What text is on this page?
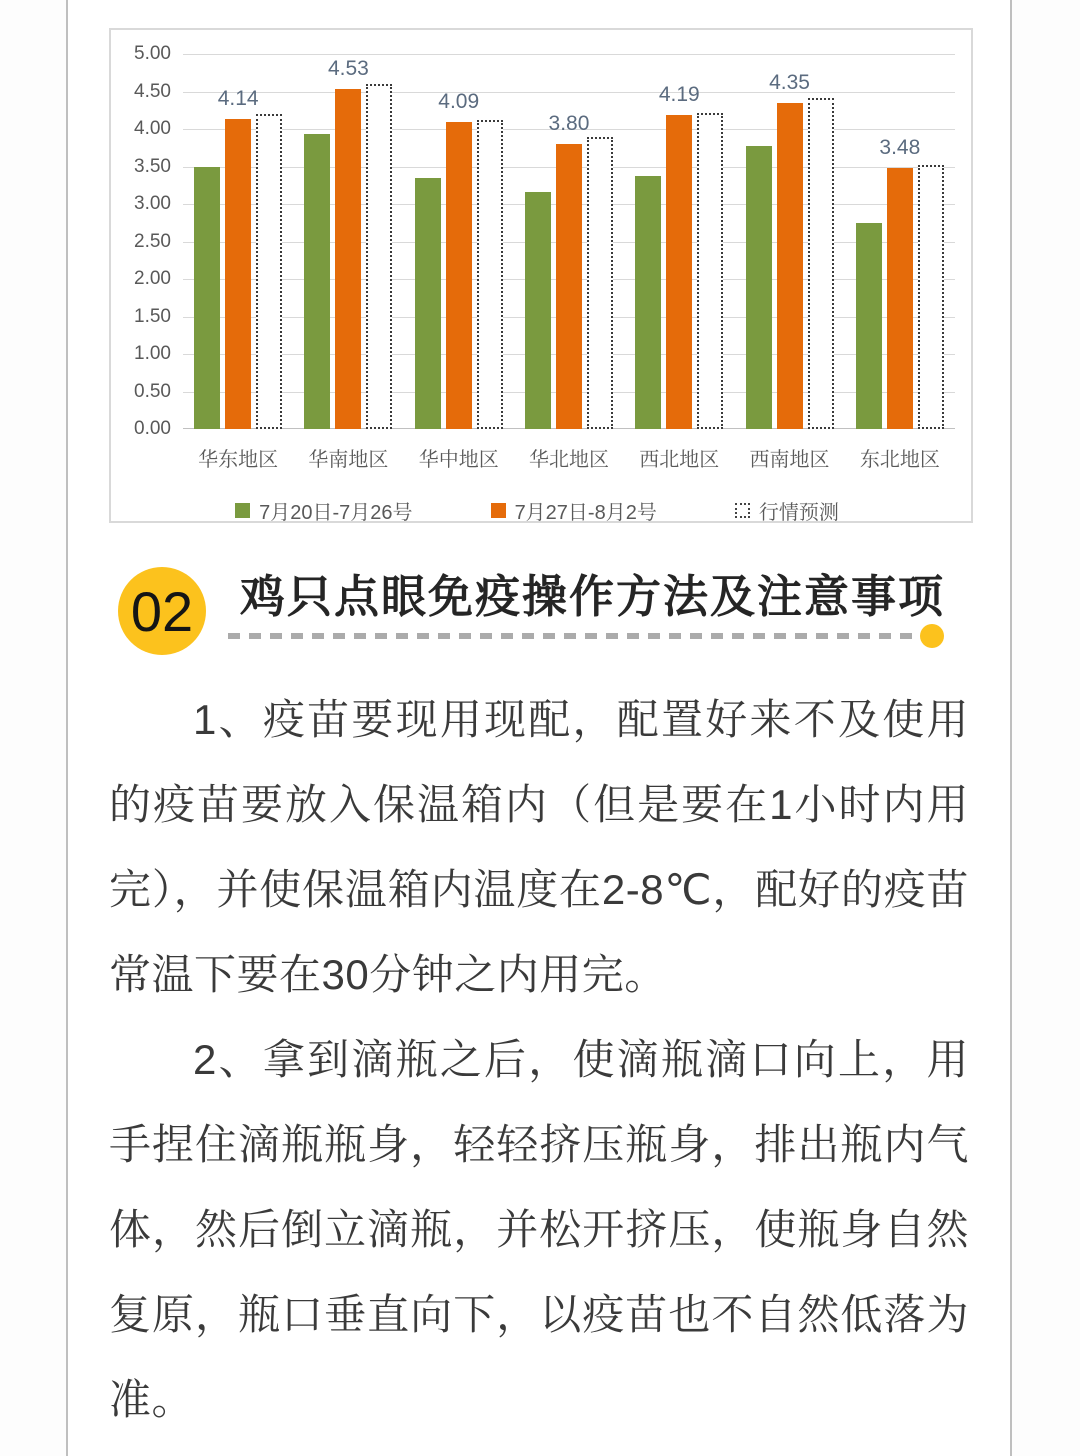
5.00
4.50
4.00
3.50
3.00
2.50
2.00
1.50
1.00
0.50
0.00
4.14
4.53
4.09
3.80
4.19
4.35
3.48
华东地区	华南地区	华中地区	华北地区	西北地区	西南地区	东北地区
7月20日-7月26号	7月27日-8月2号	行情预测
02 鸡只点眼免疫操作方法及注意事项

1、疫苗要现用现配，配置好来不及使用的疫苗要放入保温箱内（但是要在1小时内用完），并使保温箱内温度在2-8℃，配好的疫苗常温下要在30分钟之内用完。

2、拿到滴瓶之后，使滴瓶滴口向上，用手捏住滴瓶瓶身，轻轻挤压瓶身，排出瓶内气体，然后倒立滴瓶，并松开挤压，使瓶身自然复原，瓶口垂直向下，以疫苗也不自然低落为准。
